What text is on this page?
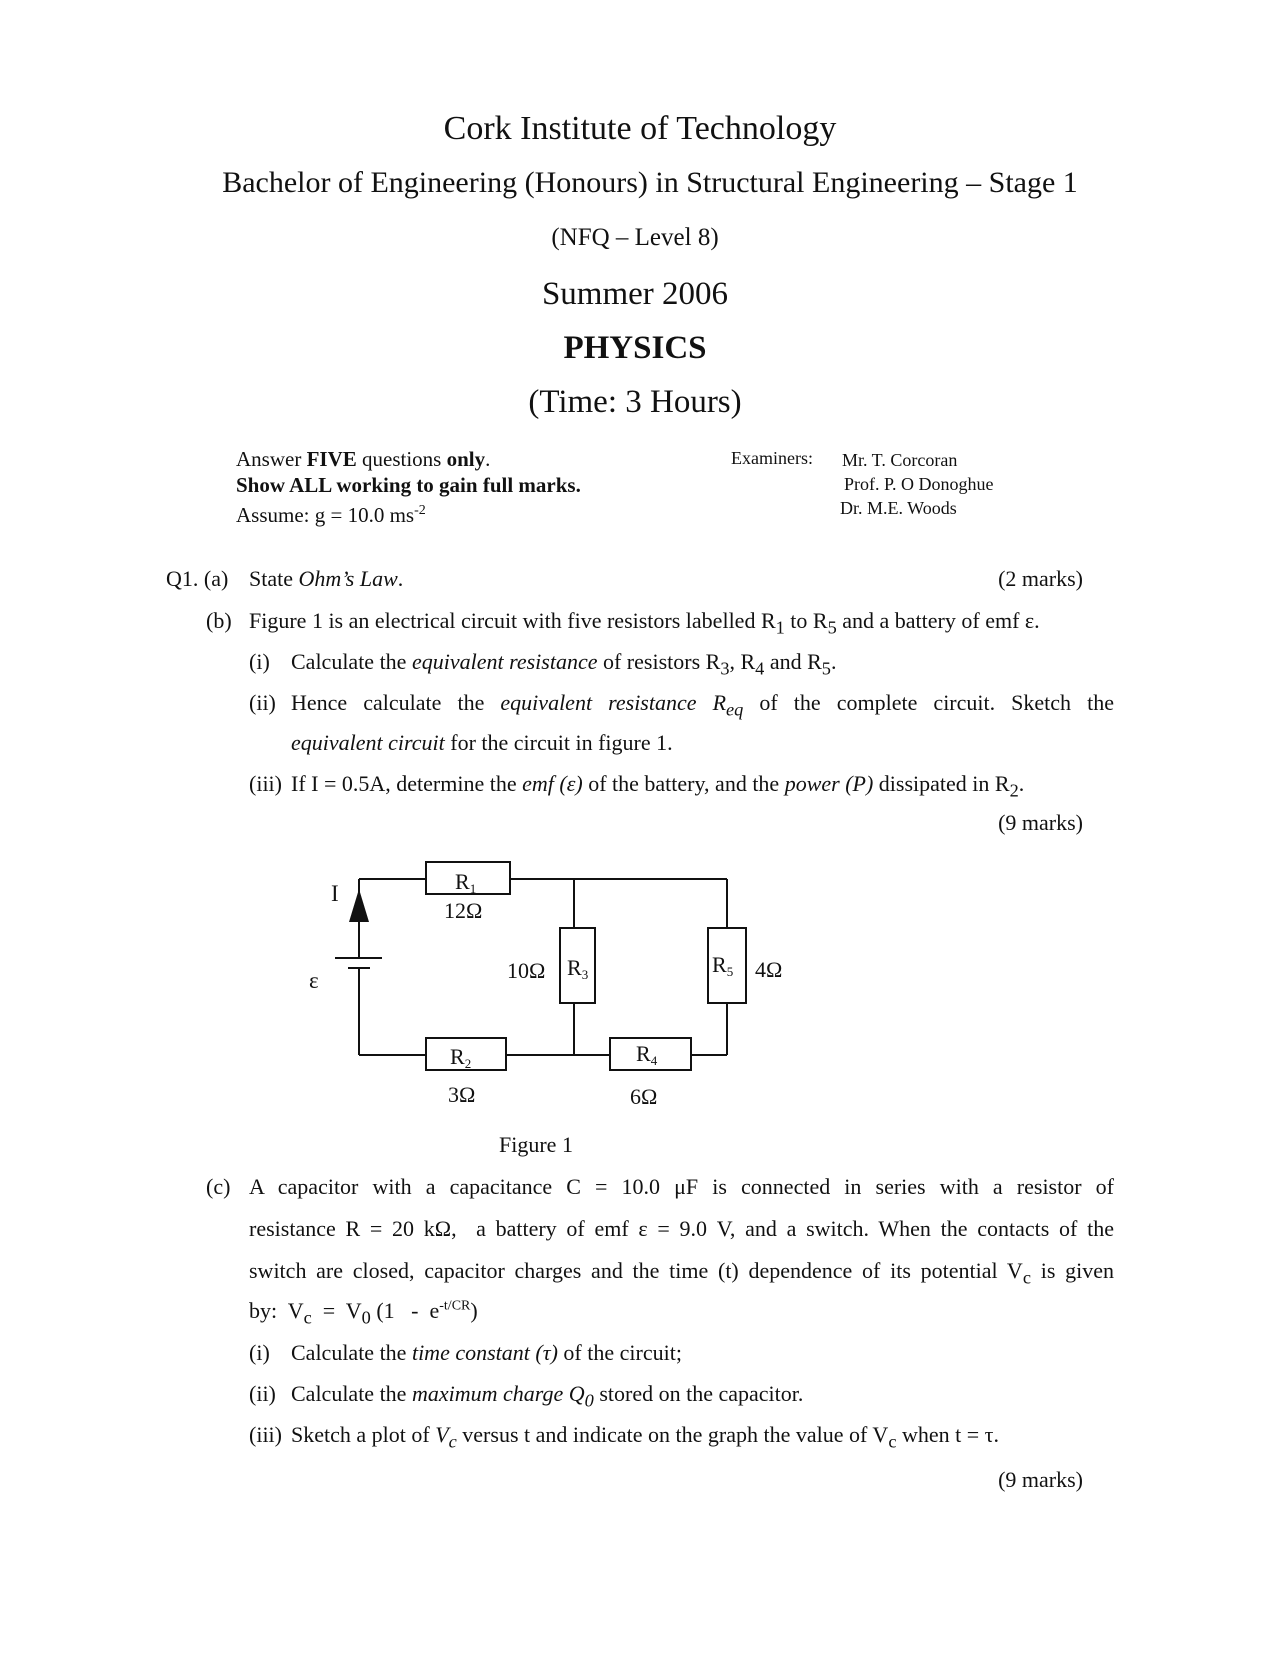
Cork Institute of Technology
Bachelor of Engineering (Honours) in Structural Engineering – Stage 1
(NFQ – Level 8)
Summer 2006
PHYSICS
(Time: 3 Hours)
Answer FIVE questions only.
Show ALL working to gain full marks.
Assume: g = 10.0 $ms^{-2}$
Examiners: Mr. T. Corcoran
Prof. P. O Donoghue
Dr. M.E. Woods
Q1. (a) State Ohm’s Law.	(2 marks)
(b) Figure 1 is an electrical circuit with five resistors labelled $R_1$ to $R_5$ and a battery of emf ε.
(i) Calculate the equivalent resistance of resistors $R_3$, $R_4$ and $R_5$.
(ii) Hence calculate the equivalent resistance $R_{eq}$ of the complete circuit. Sketch the
equivalent circuit for the circuit in figure 1.
(iii) If I = 0.5A, determine the emf (ε) of the battery, and the power (P) dissipated in $R_2$.
(9 marks)
I
ε
R1
12Ω
R2
3Ω
R3
10Ω
R4
6Ω
R5 4Ω
Figure 1
(c) A capacitor with a capacitance C = 10.0 μF is connected in series with a resistor of
resistance R = 20 kΩ,  a battery of emf ε = 9.0 V, and a switch. When the contacts of the
switch are closed, capacitor charges and the time (t) dependence of its potential $V_c$ is given
by:  $V_c = V_0$ $(1 - e^{-t/CR})$
(i) Calculate the time constant (τ) of the circuit;
(ii) Calculate the maximum charge $Q_0$ stored on the capacitor.
(iii) Sketch a plot of $V_c$ versus t and indicate on the graph the value of $V_c$ when t = τ.
(9 marks)
